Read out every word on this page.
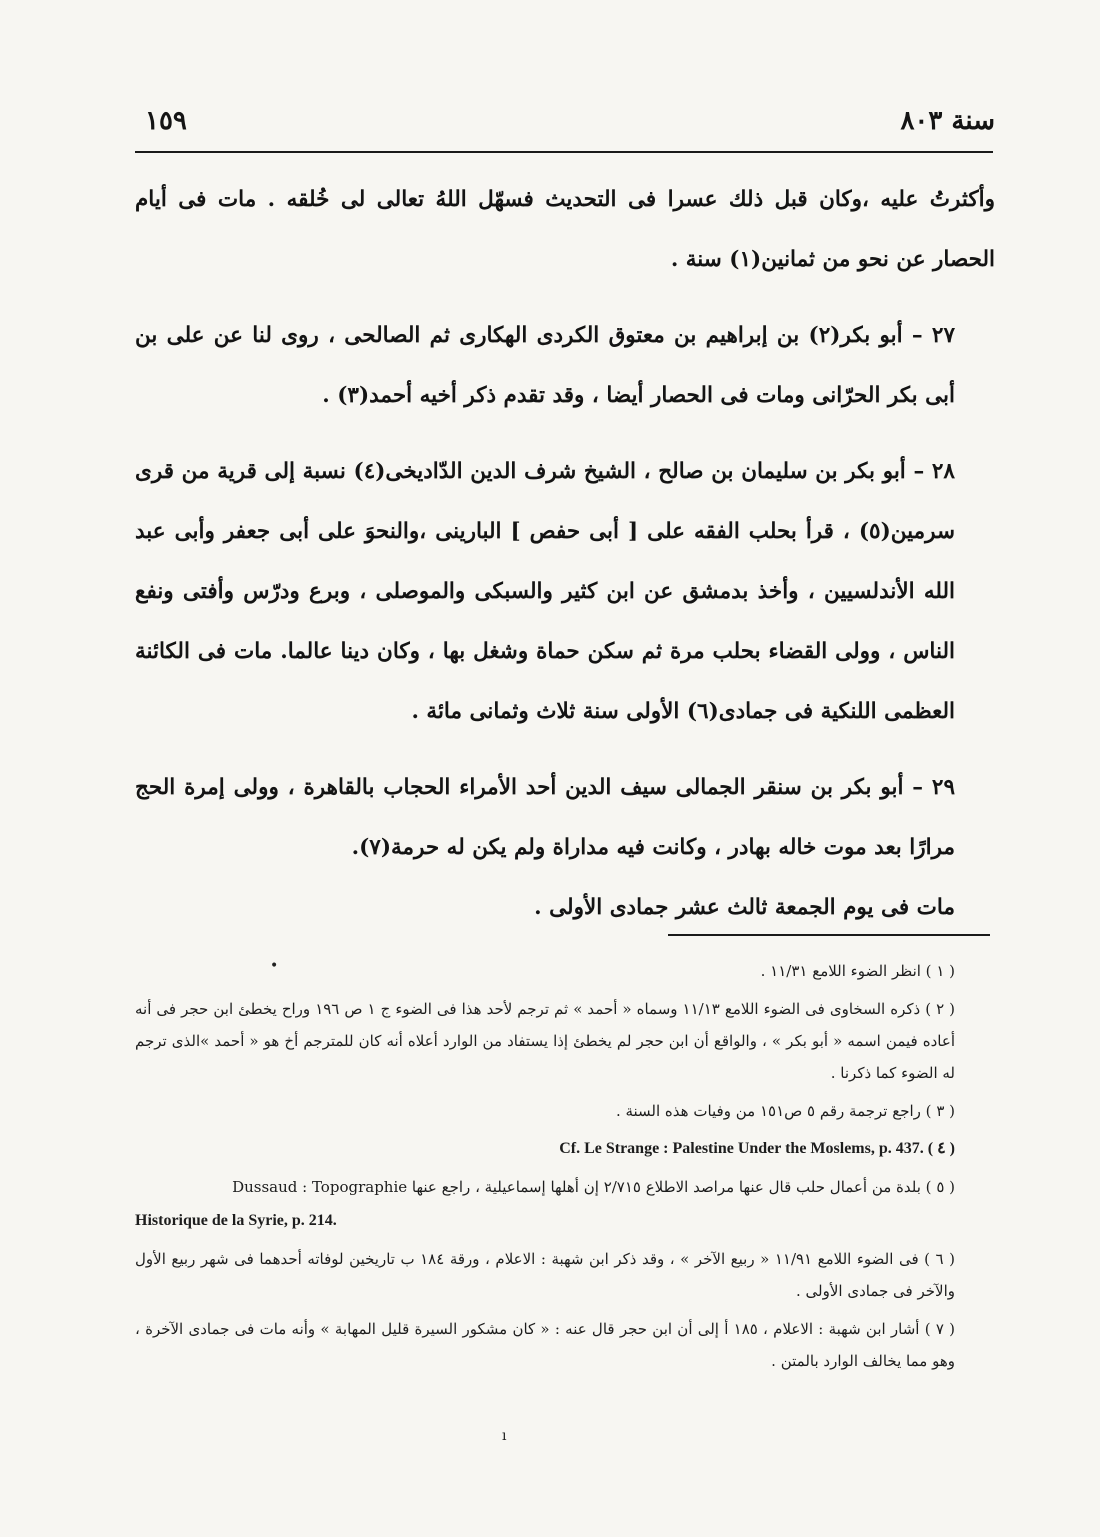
سنة ٨٠٣
١٥٩

وأكثرتُ عليه ،وكان قبل ذلك عسرا فى التحديث فسهّل اللهُ تعالى لى خُلقه . مات فى أيام الحصار عن نحو من ثمانين(١) سنة .

٢٧ – أبو بكر(٢) بن إبراهيم بن معتوق الكردى الهكارى ثم الصالحى ، روى لنا عن على بن أبى بكر الحرّانى ومات فى الحصار أيضا ، وقد تقدم ذكر أخيه أحمد(٣) .

٢٨ – أبو بكر بن سليمان بن صالح ، الشيخ شرف الدين الدّاديخى(٤) نسبة إلى قرية من قرى سرمين(٥) ، قرأ بحلب الفقه على [ أبى حفص ] البارينى ،والنحوَ على أبى جعفر وأبى عبد الله الأندلسيين ، وأخذ بدمشق عن ابن كثير والسبكى والموصلى ، وبرع ودرّس وأفتى ونفع الناس ، وولى القضاء بحلب مرة ثم سكن حماة وشغل بها ، وكان دينا عالما. مات فى الكائنة العظمى اللنكية فى جمادى(٦) الأولى سنة ثلاث وثمانى مائة .

٢٩ – أبو بكر بن سنقر الجمالى سيف الدين أحد الأمراء الحجاب بالقاهرة ، وولى إمرة الحج مرارًا بعد موت خاله بهادر ، وكانت فيه مداراة ولم يكن له حرمة(٧).

مات فى يوم الجمعة ثالث عشر جمادى الأولى .

( ١ ) انظر الضوء اللامع ١١/٣١ .

( ٢ ) ذكره السخاوى فى الضوء اللامع ١١/١٣ وسماه « أحمد » ثم ترجم لأحد هذا فى الضوء ج ١ ص ١٩٦ وراح يخطئ ابن حجر فى أنه أعاده فيمن اسمه « أبو بكر » ، والواقع أن ابن حجر لم يخطئ إذا يستفاد من الوارد أعلاه أنه كان للمترجم أخ هو « أحمد »الذى ترجم له الضوء كما ذكرنا .

( ٣ ) راجع ترجمة رقم ٥ ص١٥١ من وفيات هذه السنة .

Cf. Le Strange : Palestine Under the Moslems, p. 437. ( ٤ )

( ٥ ) بلدة من أعمال حلب قال عنها مراصد الاطلاع ٢/٧١٥ إن أهلها إسماعيلية ، راجع عنها Dussaud : Topographie

Historique de la Syrie, p. 214.

( ٦ ) فى الضوء اللامع ١١/٩١ « ربيع الآخر » ، وقد ذكر ابن شهبة : الاعلام ، ورقة ١٨٤ ب تاريخين لوفاته أحدهما فى شهر ربيع الأول والآخر فى جمادى الأولى .

( ٧ ) أشار ابن شهبة : الاعلام ، ١٨٥ أ إلى أن ابن حجر قال عنه : « كان مشكور السيرة قليل المهابة » وأنه مات فى جمادى الآخرة ، وهو مما يخالف الوارد بالمتن .

•
ı
